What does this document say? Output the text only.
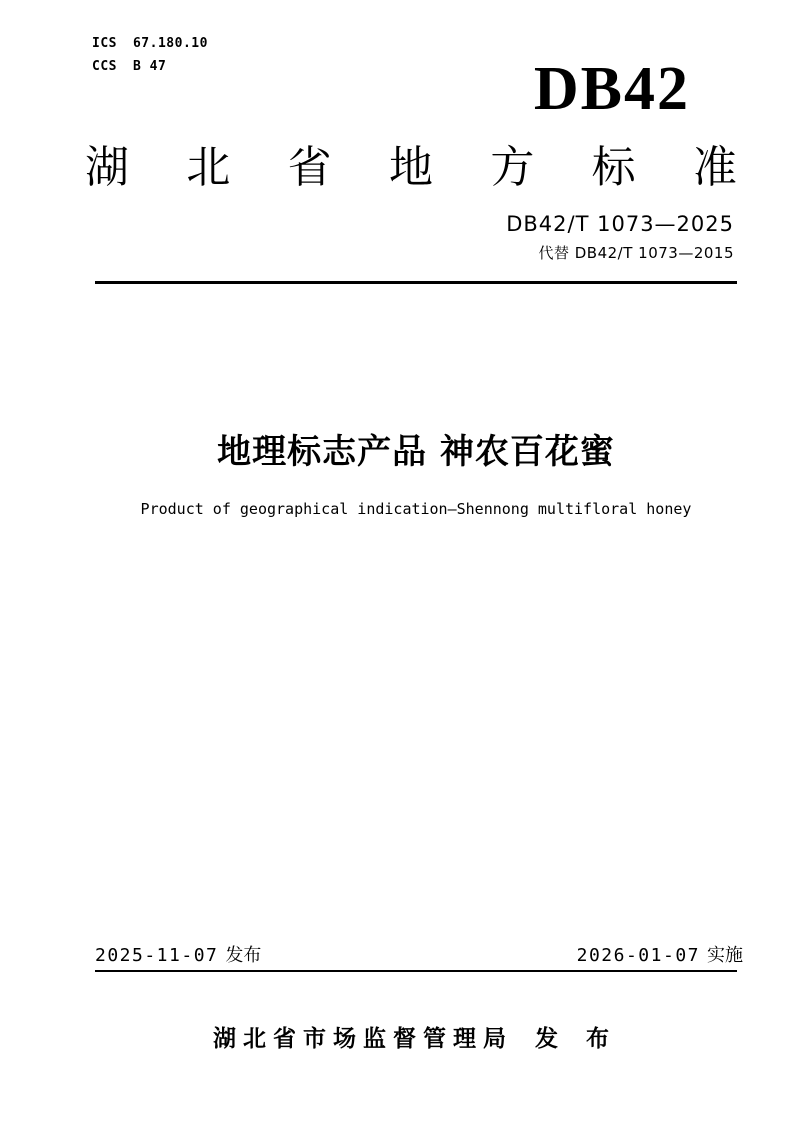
ICS 67.180.10
CCS B 47	DB42
湖 北 省 地 方 标 准
DB42/T 1073—2025
代替 DB42/T 1073—2015
地理标志产品 神农百花蜜
Product of geographical indication—Shennong multifloral honey
2025-11-07 发布	2026-01-07 实施
湖北省市场监督管理局 发 布
